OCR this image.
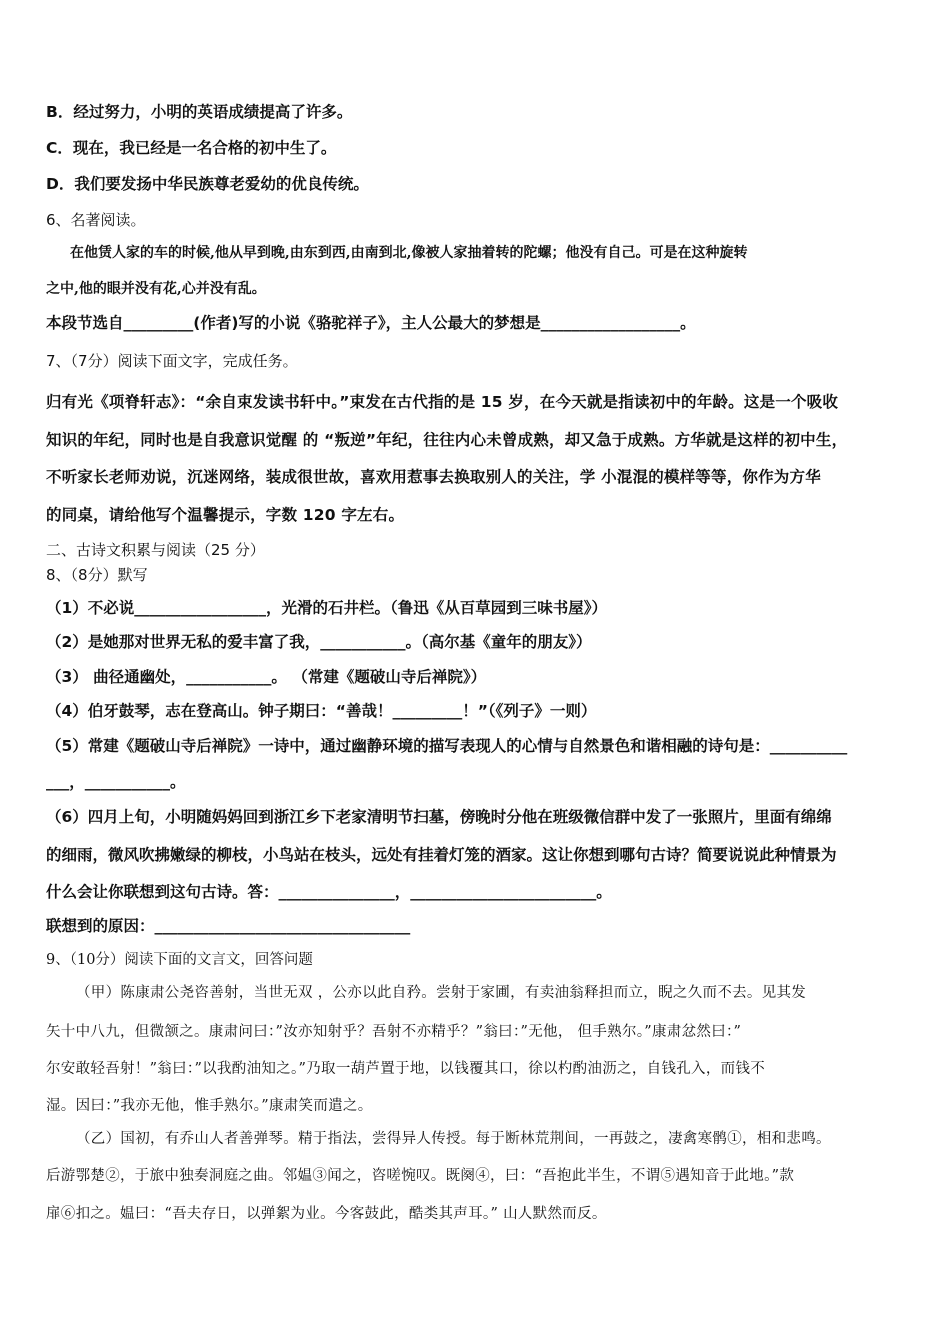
B．经过努力，小明的英语成绩提高了许多。
C．现在，我已经是一名合格的初中生了。
D．我们要发扬中华民族尊老爱幼的优良传统。
6、名著阅读。
在他赁人家的车的时候,他从早到晚,由东到西,由南到北,像被人家抽着转的陀螺；他没有自己。可是在这种旋转
之中,他的眼并没有花,心并没有乱。
本段节选自_________(作者)写的小说《骆驼祥子》，主人公最大的梦想是__________________。
7、（7分）阅读下面文字，完成任务。
归有光《项脊轩志》：“余自束发读书轩中。”束发在古代指的是 15 岁，在今天就是指读初中的年龄。这是一个吸收
知识的年纪，同时也是自我意识觉醒 的 “叛逆”年纪，往往内心未曾成熟，却又急于成熟。方华就是这样的初中生，
不听家长老师劝说，沉迷网络，装成很世故，喜欢用惹事去换取别人的关注，学 小混混的模样等等，你作为方华
的同桌，请给他写个温馨提示，字数 120 字左右。
二、古诗文积累与阅读（25 分）
8、（8分）默写
（1）不必说_________________，光滑的石井栏。（鲁迅《从百草园到三味书屋》）
（2）是她那对世界无私的爱丰富了我，___________。（高尔基《童年的朋友》）
（3） 曲径通幽处，___________。 （常建《题破山寺后禅院》）
（4）伯牙鼓琴，志在登高山。钟子期曰：“善哉！_________！”（《列子》一则）
（5）常建《题破山寺后禅院》一诗中，通过幽静环境的描写表现人的心情与自然景色和谐相融的诗句是：__________
___，___________。
（6）四月上旬，小明随妈妈回到浙江乡下老家清明节扫墓，傍晚时分他在班级微信群中发了一张照片，里面有绵绵
的细雨，微风吹拂嫩绿的柳枝，小鸟站在枝头，远处有挂着灯笼的酒家。这让你想到哪句古诗？简要说说此种情景为
什么会让你联想到这句古诗。答：_______________，________________________。
联想到的原因：_________________________________
9、（10分）阅读下面的文言文，回答问题
（甲）陈康肃公尧咨善射，当世无双 ，公亦以此自矜。尝射于家圃，有卖油翁释担而立，睨之久而不去。见其发
矢十中八九，但微颔之。康肃问曰：”汝亦知射乎？吾射不亦精乎？”翁曰：”无他， 但手熟尔。”康肃忿然曰：”
尔安敢轻吾射！”翁曰：”以我酌油知之。”乃取一葫芦置于地，以钱覆其口，徐以杓酌油沥之，自钱孔入，而钱不
湿。因曰：”我亦无他，惟手熟尔。”康肃笑而遣之。
（乙）国初，有乔山人者善弹琴。精于指法，尝得异人传授。每于断林荒荆间，一再鼓之，凄禽寒鹘①，相和悲鸣。
后游鄂楚②，于旅中独奏洞庭之曲。邻媪③闻之，咨嗟惋叹。既阕④，曰：“吾抱此半生，不谓⑤遇知音于此地。”款
扉⑥扣之。媪曰：“吾夫存日，以弹絮为业。今客鼓此，酷类其声耳。” 山人默然而反。
